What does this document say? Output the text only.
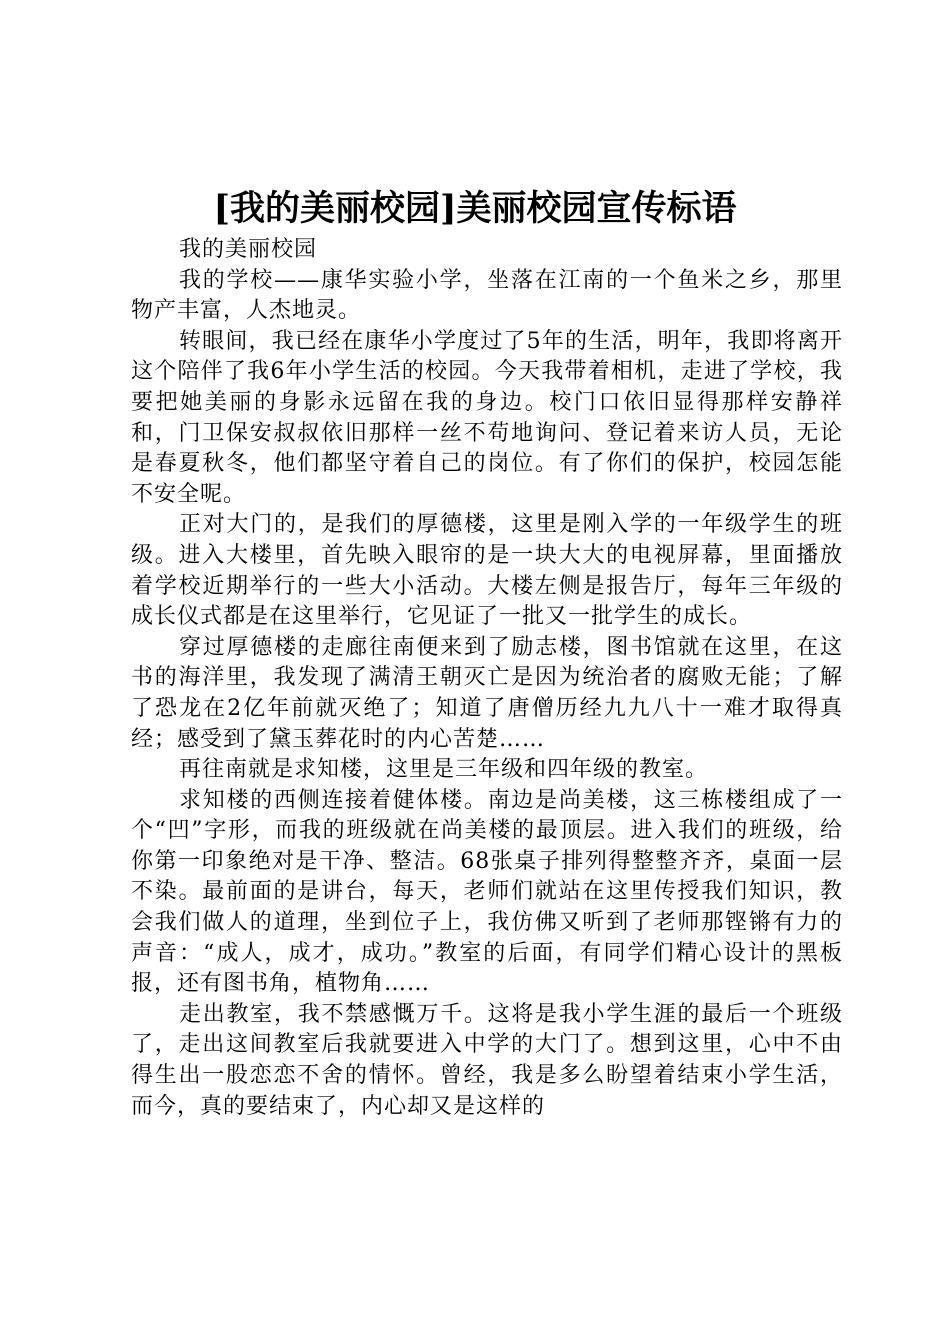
[我的美丽校园]美丽校园宣传标语

我的美丽校园

我的学校——康华实验小学，坐落在江南的一个鱼米之乡，那里物产丰富，人杰地灵。

转眼间，我已经在康华小学度过了5年的生活，明年，我即将离开这个陪伴了我6年小学生活的校园。今天我带着相机，走进了学校，我要把她美丽的身影永远留在我的身边。校门口依旧显得那样安静祥和，门卫保安叔叔依旧那样一丝不苟地询问、登记着来访人员，无论是春夏秋冬，他们都坚守着自己的岗位。有了你们的保护，校园怎能不安全呢。

正对大门的，是我们的厚德楼，这里是刚入学的一年级学生的班级。进入大楼里，首先映入眼帘的是一块大大的电视屏幕，里面播放着学校近期举行的一些大小活动。大楼左侧是报告厅，每年三年级的成长仪式都是在这里举行，它见证了一批又一批学生的成长。

穿过厚德楼的走廊往南便来到了励志楼，图书馆就在这里，在这书的海洋里，我发现了满清王朝灭亡是因为统治者的腐败无能；了解了恐龙在2亿年前就灭绝了；知道了唐僧历经九九八十一难才取得真经；感受到了黛玉葬花时的内心苦楚……

再往南就是求知楼，这里是三年级和四年级的教室。

求知楼的西侧连接着健体楼。南边是尚美楼，这三栋楼组成了一个“凹”字形，而我的班级就在尚美楼的最顶层。进入我们的班级，给你第一印象绝对是干净、整洁。68张桌子排列得整整齐齐，桌面一层不染。最前面的是讲台，每天，老师们就站在这里传授我们知识，教会我们做人的道理，坐到位子上，我仿佛又听到了老师那铿锵有力的声音：“成人，成才，成功。”教室的后面，有同学们精心设计的黑板报，还有图书角，植物角……

走出教室，我不禁感慨万千。这将是我小学生涯的最后一个班级了，走出这间教室后我就要进入中学的大门了。想到这里，心中不由得生出一股恋恋不舍的情怀。曾经，我是多么盼望着结束小学生活，而今，真的要结束了，内心却又是这样的
